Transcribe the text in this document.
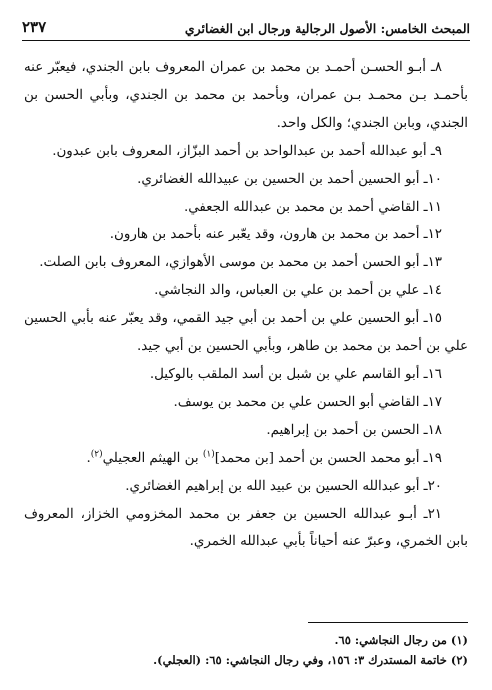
المبحث الخامس: الأصول الرجالية ورجال ابن الغضائري
٢٣٧

٨ـ أبـو الحسـن أحمـد بن محمد بن عمران المعروف بابن الجندي، فيعبّر عنه بأحمـد بـن محمـد بـن عمران، وبأحمد بن محمد بن الجندي، وبأبي الحسن بن الجندي، وبابن الجندي؛ والكل واحد.

٩ـ أبو عبدالله أحمد بن عبدالواحد بن أحمد البزّاز، المعروف بابن عبدون.

١٠ـ أبو الحسين أحمد بن الحسين بن عبيدالله الغضائري.

١١ـ القاضي أحمد بن محمد بن عبدالله الجعفي.

١٢ـ أحمد بن محمد بن هارون، وقد يعّبر عنه بأحمد بن هارون.

١٣ـ أبو الحسن أحمد بن محمد بن موسى الأهوازي، المعروف بابن الصلت.

١٤ـ علي بن أحمد بن علي بن العباس، والد النجاشي.

١٥ـ أبو الحسين علي بن أحمد بن أبي جيد القمي، وقد يعبّر عنه بأبي الحسين علي بن أحمد بن محمد بن طاهر، وبأبي الحسين بن أبي جيد.

١٦ـ أبو القاسم علي بن شبل بن أسد الملقب بالوكيل.

١٧ـ القاضي أبو الحسن علي بن محمد بن يوسف.

١٨ـ الحسن بن أحمد بن إبراهيم.

١٩ـ أبو محمد الحسن بن أحمد [بن محمد]$^{(١)}$ بن الهيثم العجيلي$^{(٢)}$.

٢٠ـ أبو عبدالله الحسين بن عبيد الله بن إبراهيم الغضائري.

٢١ـ أبـو عبدالله الحسين بن جعفر بن محمد المخزومي الخزاز، المعروف بابن الخمري، وعبرّ عنه أحياناً بأبي عبدالله الخمري.

(١) من رجال النجاشي: ٦٥.

(٢) خاتمة المستدرك ٣: ١٥٦، وفي رجال النجاشي: ٦٥: (العجلي).
